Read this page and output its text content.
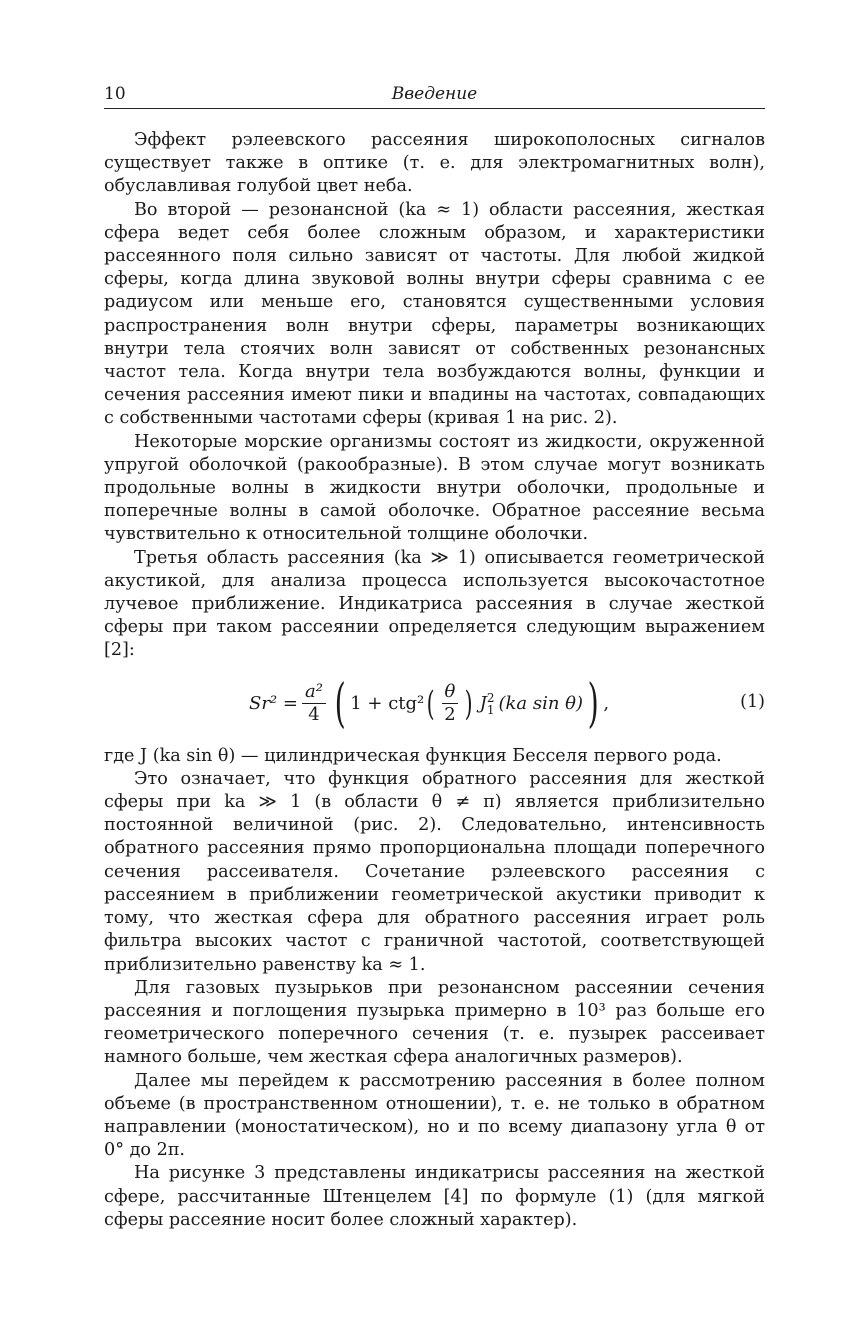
10	Введение

Эффект рэлеевского рассеяния широкополосных сигналов существует также в оптике (т. е. для электромагнитных волн), обуславливая голубой цвет неба.

Во второй — резонансной (ka ≈ 1) области рассеяния, жесткая сфера ведет себя более сложным образом, и характеристики рассеянного поля сильно зависят от частоты. Для любой жидкой сферы, когда длина звуковой волны внутри сферы сравнима с ее радиусом или меньше его, становятся существенными условия распространения волн внутри сферы, параметры возникающих внутри тела стоячих волн зависят от собственных резонансных частот тела. Когда внутри тела возбуждаются волны, функции и сечения рассеяния имеют пики и впадины на частотах, совпадающих с собственными частотами сферы (кривая 1 на рис. 2).

Некоторые морские организмы состоят из жидкости, окруженной упругой оболочкой (ракообразные). В этом случае могут возникать продольные волны в жидкости внутри оболочки, продольные и поперечные волны в самой оболочке. Обратное рассеяние весьма чувствительно к относительной толщине оболочки.

Третья область рассеяния (ka ≫ 1) описывается геометрической акустикой, для анализа процесса используется высокочастотное лучевое приближение. Индикатриса рассеяния в случае жесткой сферы при таком рассеянии определяется следующим выражением [2]:

$Sr^2 = \frac{\text{a²}}{4}$ ( 1 + ctg² ( $\frac{\theta}{2}$ ) J 2
1 (ka sin θ) ) ,	(1)

где J (ka sin θ) — цилиндрическая функция Бесселя первого рода.

Это означает, что функция обратного рассеяния для жесткой сферы при ka ≫ 1 (в области θ ≠ π) является приблизительно постоянной величиной (рис. 2). Следовательно, интенсивность обратного рассеяния прямо пропорциональна площади поперечного сечения рассеивателя. Сочетание рэлеевского рассеяния с рассеянием в приближении геометрической акустики приводит к тому, что жесткая сфера для обратного рассеяния играет роль фильтра высоких частот с граничной частотой, соответствующей приблизительно равенству ka ≈ 1.

Для газовых пузырьков при резонансном рассеянии сечения рассеяния и поглощения пузырька примерно в 10³ раз больше его геометрического поперечного сечения (т. е. пузырек рассеивает намного больше, чем жесткая сфера аналогичных размеров).

Далее мы перейдем к рассмотрению рассеяния в более полном объеме (в пространственном отношении), т. е. не только в обратном направлении (моностатическом), но и по всему диапазону угла θ от 0° до 2π.

На рисунке 3 представлены индикатрисы рассеяния на жесткой сфере, рассчитанные Штенцелем [4] по формуле (1) (для мягкой сферы рассеяние носит более сложный характер).
